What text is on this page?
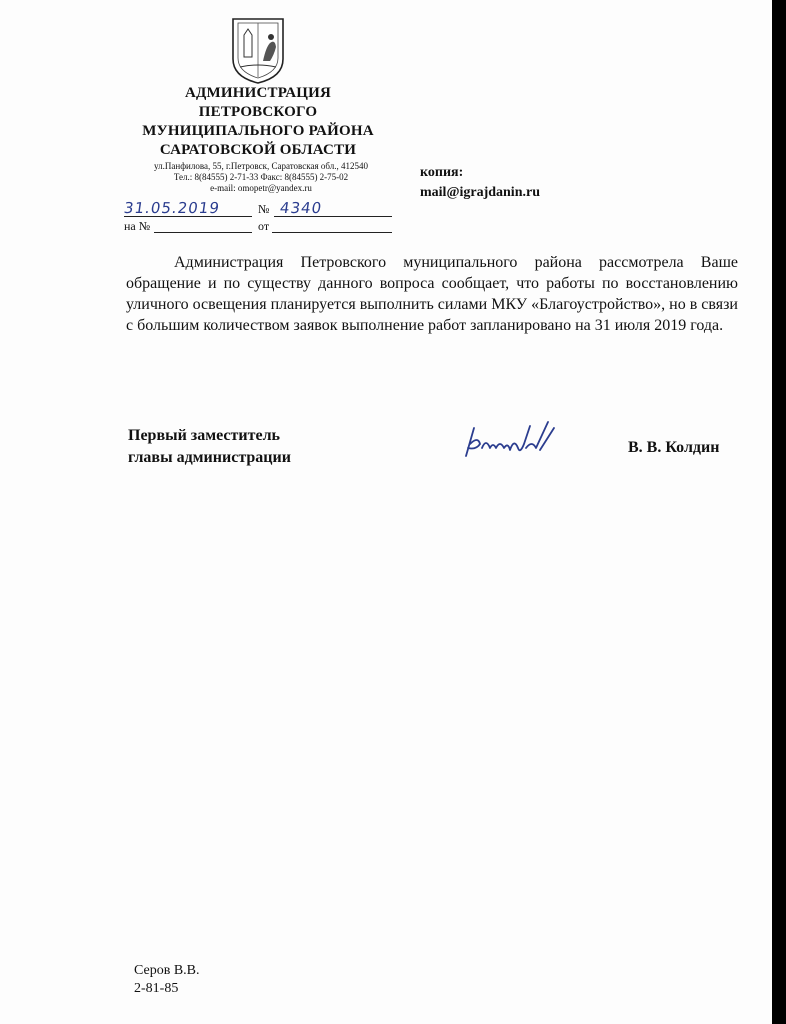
АДМИНИСТРАЦИЯ
ПЕТРОВСКОГО
МУНИЦИПАЛЬНОГО РАЙОНА
САРАТОВСКОЙ ОБЛАСТИ
ул.Панфилова, 55, г.Петровск, Саратовская обл., 412540
Тел.: 8(84555) 2-71-33 Факс: 8(84555) 2-75-02
e-mail: omopetr@yandex.ru
31.05.2019	№ 4340
на №	от
копия:
mail@igrajdanin.ru
Администрация Петровского муниципального района рассмотрела Ваше обращение и по существу данного вопроса сообщает, что работы по восстановлению уличного освещения планируется выполнить силами МКУ «Благоустройство», но в связи с большим количеством заявок выполнение работ запланировано на 31 июля 2019 года.
Первый заместитель
главы администрации
В. В. Колдин
Серов В.В.
2-81-85
